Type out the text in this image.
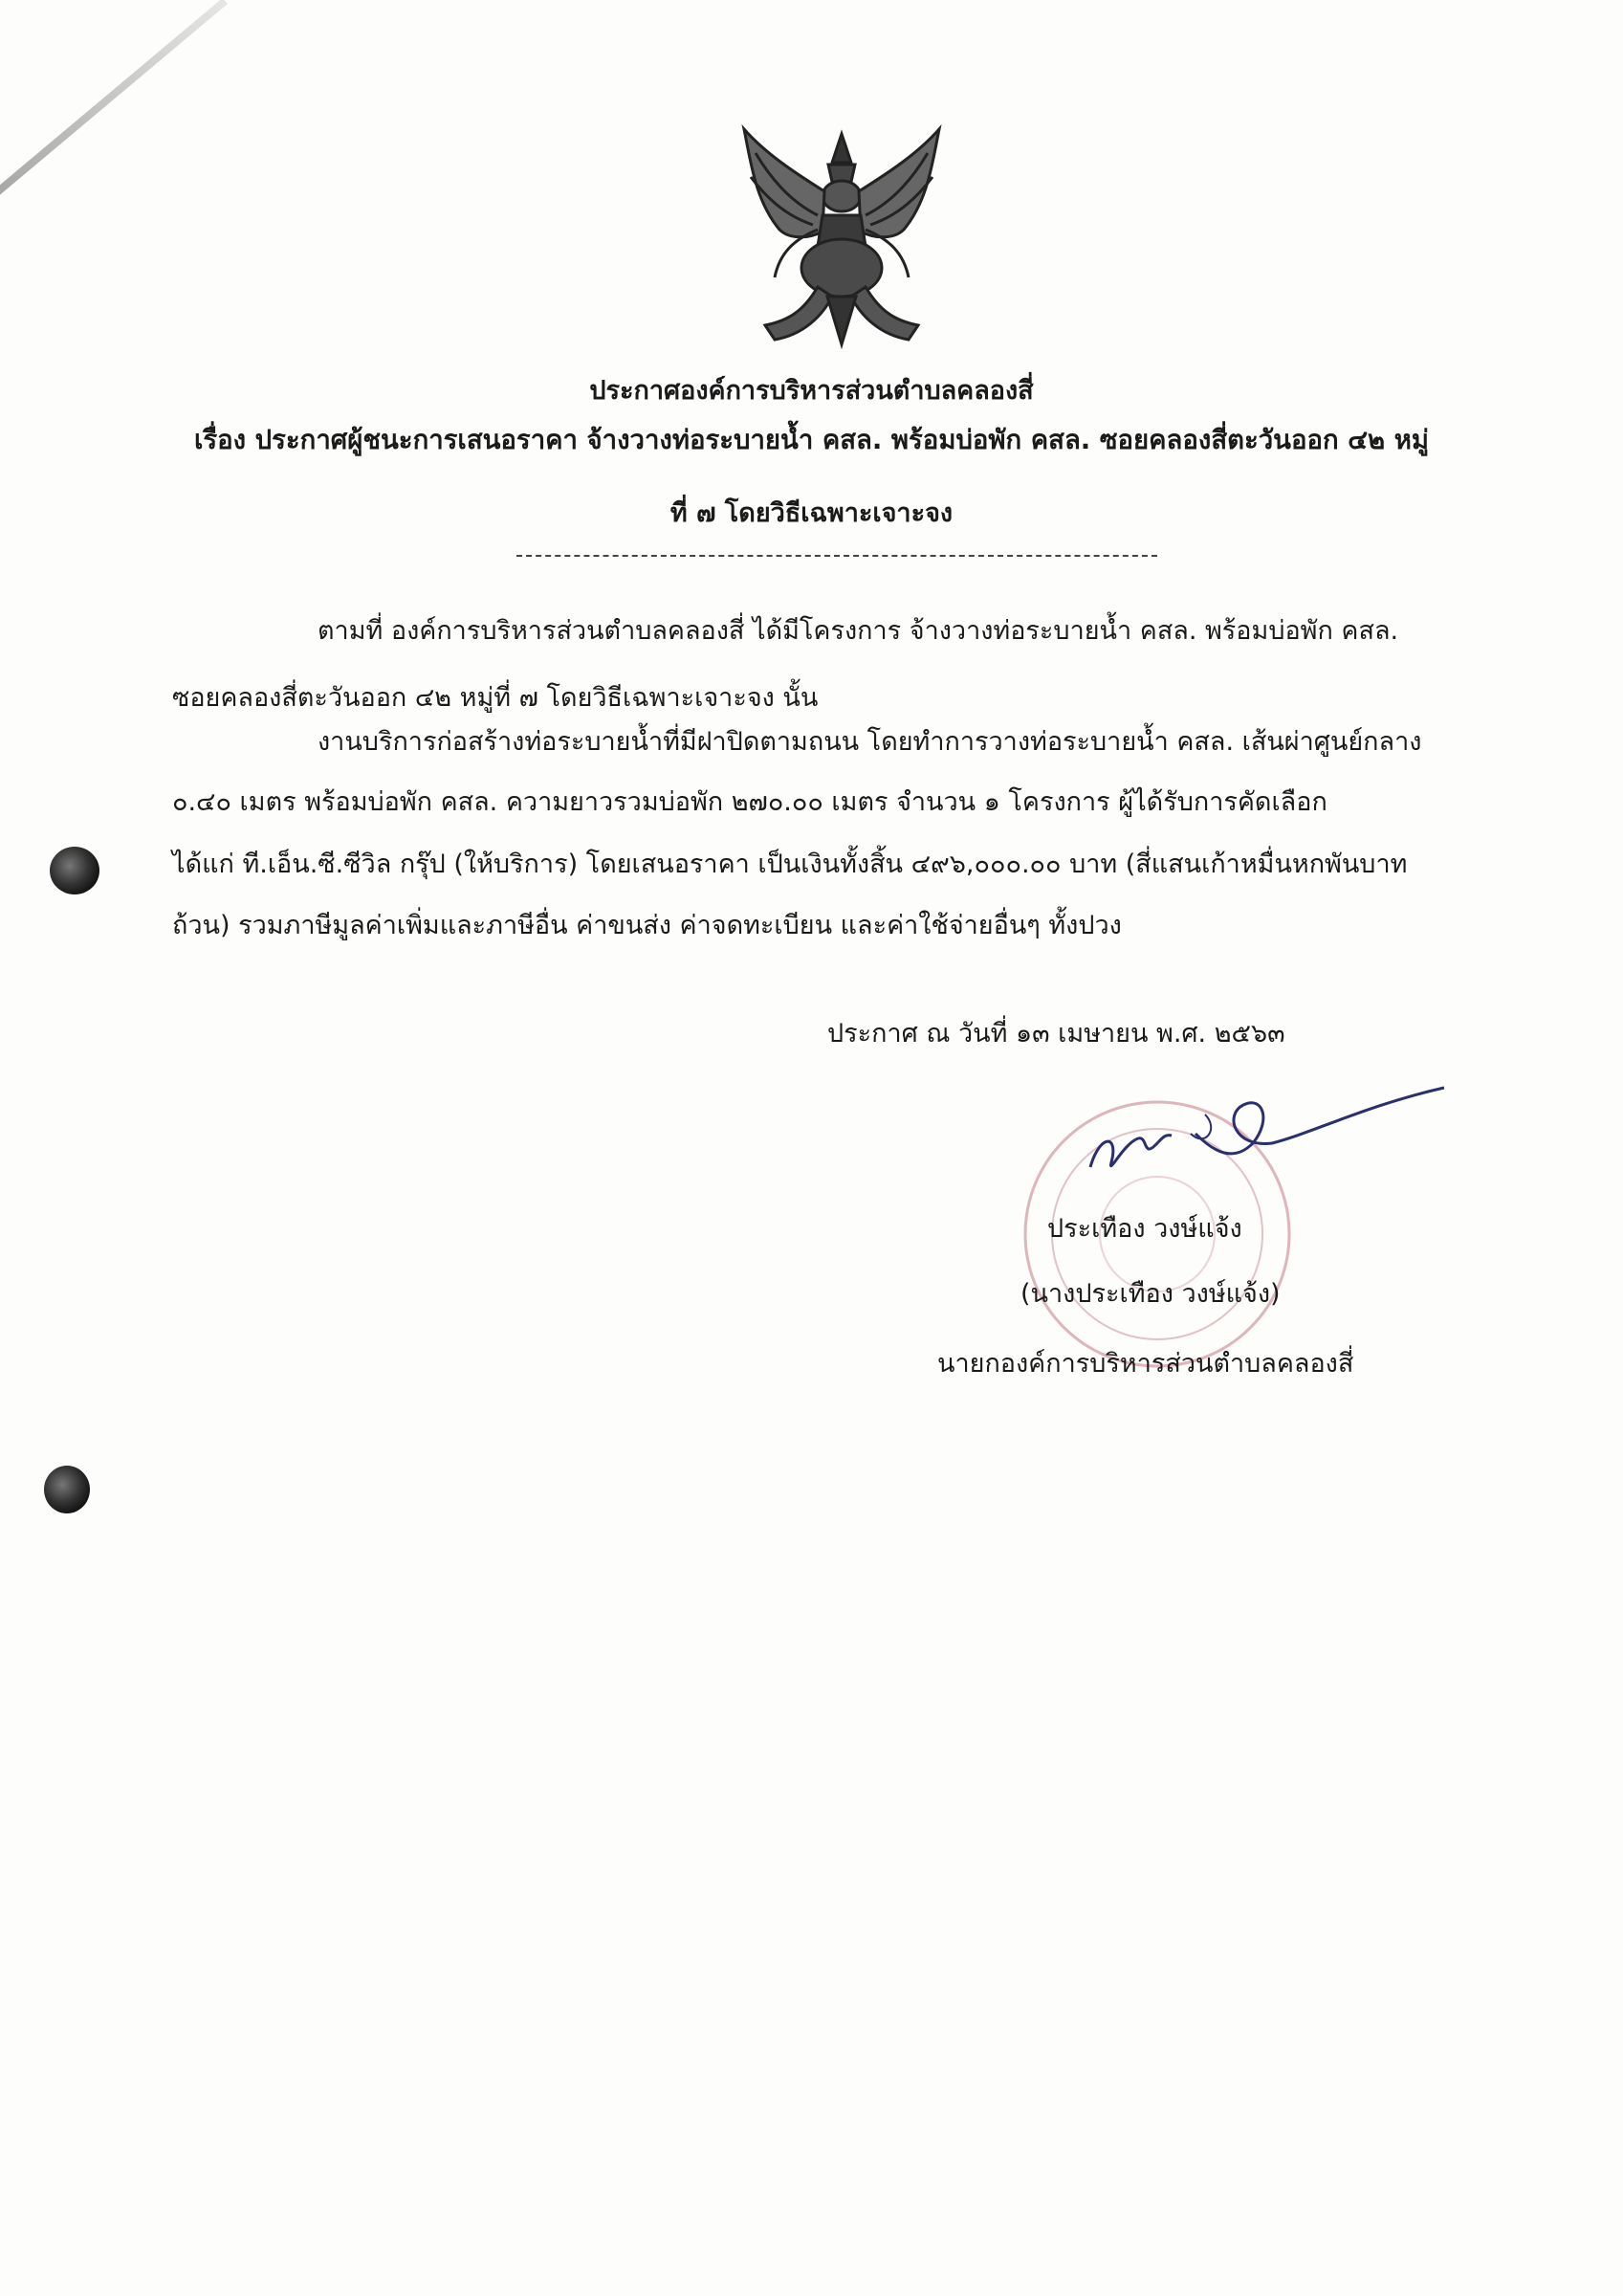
ประกาศองค์การบริหารส่วนตำบลคลองสี่
เรื่อง ประกาศผู้ชนะการเสนอราคา จ้างวางท่อระบายน้ำ คสล. พร้อมบ่อพัก คสล. ซอยคลองสี่ตะวันออก ๔๒ หมู่
ที่ ๗ โดยวิธีเฉพาะเจาะจง
ตามที่ องค์การบริหารส่วนตำบลคลองสี่ ได้มีโครงการ จ้างวางท่อระบายน้ำ คสล. พร้อมบ่อพัก คสล.
ซอยคลองสี่ตะวันออก ๔๒ หมู่ที่ ๗ โดยวิธีเฉพาะเจาะจง นั้น
งานบริการก่อสร้างท่อระบายน้ำที่มีฝาปิดตามถนน โดยทำการวางท่อระบายน้ำ คสล. เส้นผ่าศูนย์กลาง
๐.๔๐ เมตร พร้อมบ่อพัก คสล. ความยาวรวมบ่อพัก ๒๗๐.๐๐ เมตร จำนวน ๑ โครงการ ผู้ได้รับการคัดเลือก
ได้แก่ ที.เอ็น.ซี.ซีวิล กรุ๊ป (ให้บริการ) โดยเสนอราคา เป็นเงินทั้งสิ้น ๔๙๖,๐๐๐.๐๐ บาท (สี่แสนเก้าหมื่นหกพันบาท
ถ้วน) รวมภาษีมูลค่าเพิ่มและภาษีอื่น ค่าขนส่ง ค่าจดทะเบียน และค่าใช้จ่ายอื่นๆ ทั้งปวง
ประกาศ ณ วันที่ ๑๓ เมษายน พ.ศ. ๒๕๖๓
ประเทือง วงษ์แจ้ง
(นางประเทือง วงษ์แจ้ง)
นายกองค์การบริหารส่วนตำบลคลองสี่
